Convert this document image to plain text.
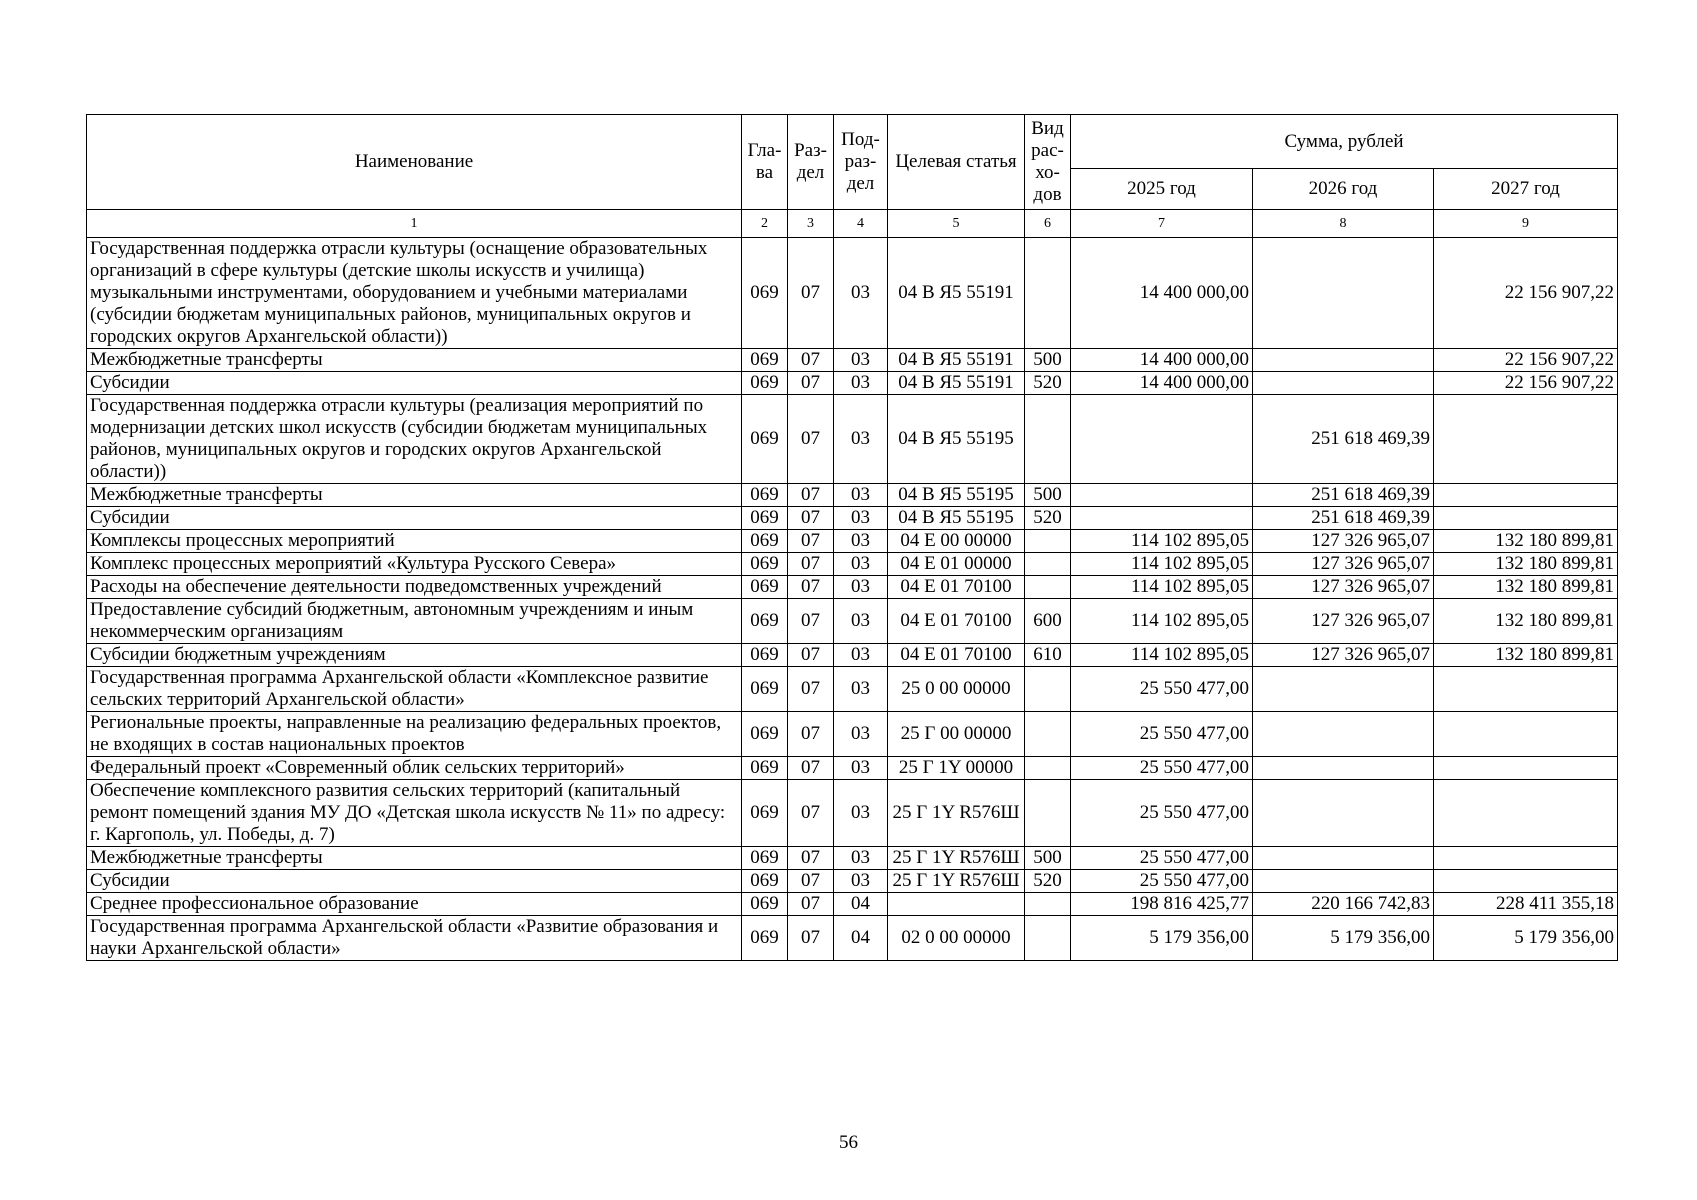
Наименование	Гла-ва	Раз-дел	Под-раз-дел	Целевая статья	Вид рас-хо-дов	Сумма, рублей		
						2025 год	2026 год	2027 год
1	2	3	4	5	6	7	8	9
Государственная поддержка отрасли культуры (оснащение образовательных организаций в сфере культуры (детские школы искусств и училища) музыкальными инструментами, оборудованием и учебными материалами (субсидии бюджетам муниципальных районов, муниципальных округов и городских округов Архангельской области))	069	07	03	04 В Я5 55191		14 400 000,00		22 156 907,22
Межбюджетные трансферты	069	07	03	04 В Я5 55191	500	14 400 000,00		22 156 907,22
Субсидии	069	07	03	04 В Я5 55191	520	14 400 000,00		22 156 907,22
Государственная поддержка отрасли культуры (реализация мероприятий по модернизации детских школ искусств (субсидии бюджетам муниципальных районов, муниципальных округов и городских округов Архангельской области))	069	07	03	04 В Я5 55195			251 618 469,39	
Межбюджетные трансферты	069	07	03	04 В Я5 55195	500		251 618 469,39	
Субсидии	069	07	03	04 В Я5 55195	520		251 618 469,39	
Комплексы процессных мероприятий	069	07	03	04 Е 00 00000		114 102 895,05	127 326 965,07	132 180 899,81
Комплекс процессных мероприятий «Культура Русского Севера»	069	07	03	04 Е 01 00000		114 102 895,05	127 326 965,07	132 180 899,81
Расходы на обеспечение деятельности подведомственных учреждений	069	07	03	04 Е 01 70100		114 102 895,05	127 326 965,07	132 180 899,81
Предоставление субсидий бюджетным, автономным учреждениям и иным некоммерческим организациям	069	07	03	04 Е 01 70100	600	114 102 895,05	127 326 965,07	132 180 899,81
Субсидии бюджетным учреждениям	069	07	03	04 Е 01 70100	610	114 102 895,05	127 326 965,07	132 180 899,81
Государственная программа Архангельской области «Комплексное развитие сельских территорий Архангельской области»	069	07	03	25 0 00 00000		25 550 477,00		
Региональные проекты, направленные на реализацию федеральных проектов, не входящих в состав национальных проектов	069	07	03	25 Г 00 00000		25 550 477,00		
Федеральный проект «Современный облик сельских территорий»	069	07	03	25 Г 1Y 00000		25 550 477,00		
Обеспечение комплексного развития сельских территорий (капитальный ремонт помещений здания МУ ДО «Детская школа искусств № 11» по адресу: г. Каргополь, ул. Победы, д. 7)	069	07	03	25 Г 1Y R576Ш		25 550 477,00		
Межбюджетные трансферты	069	07	03	25 Г 1Y R576Ш	500	25 550 477,00		
Субсидии	069	07	03	25 Г 1Y R576Ш	520	25 550 477,00		
Среднее профессиональное образование	069	07	04			198 816 425,77	220 166 742,83	228 411 355,18
Государственная программа Архангельской области «Развитие образования и науки Архангельской области»	069	07	04	02 0 00 00000		5 179 356,00	5 179 356,00	5 179 356,00
56
